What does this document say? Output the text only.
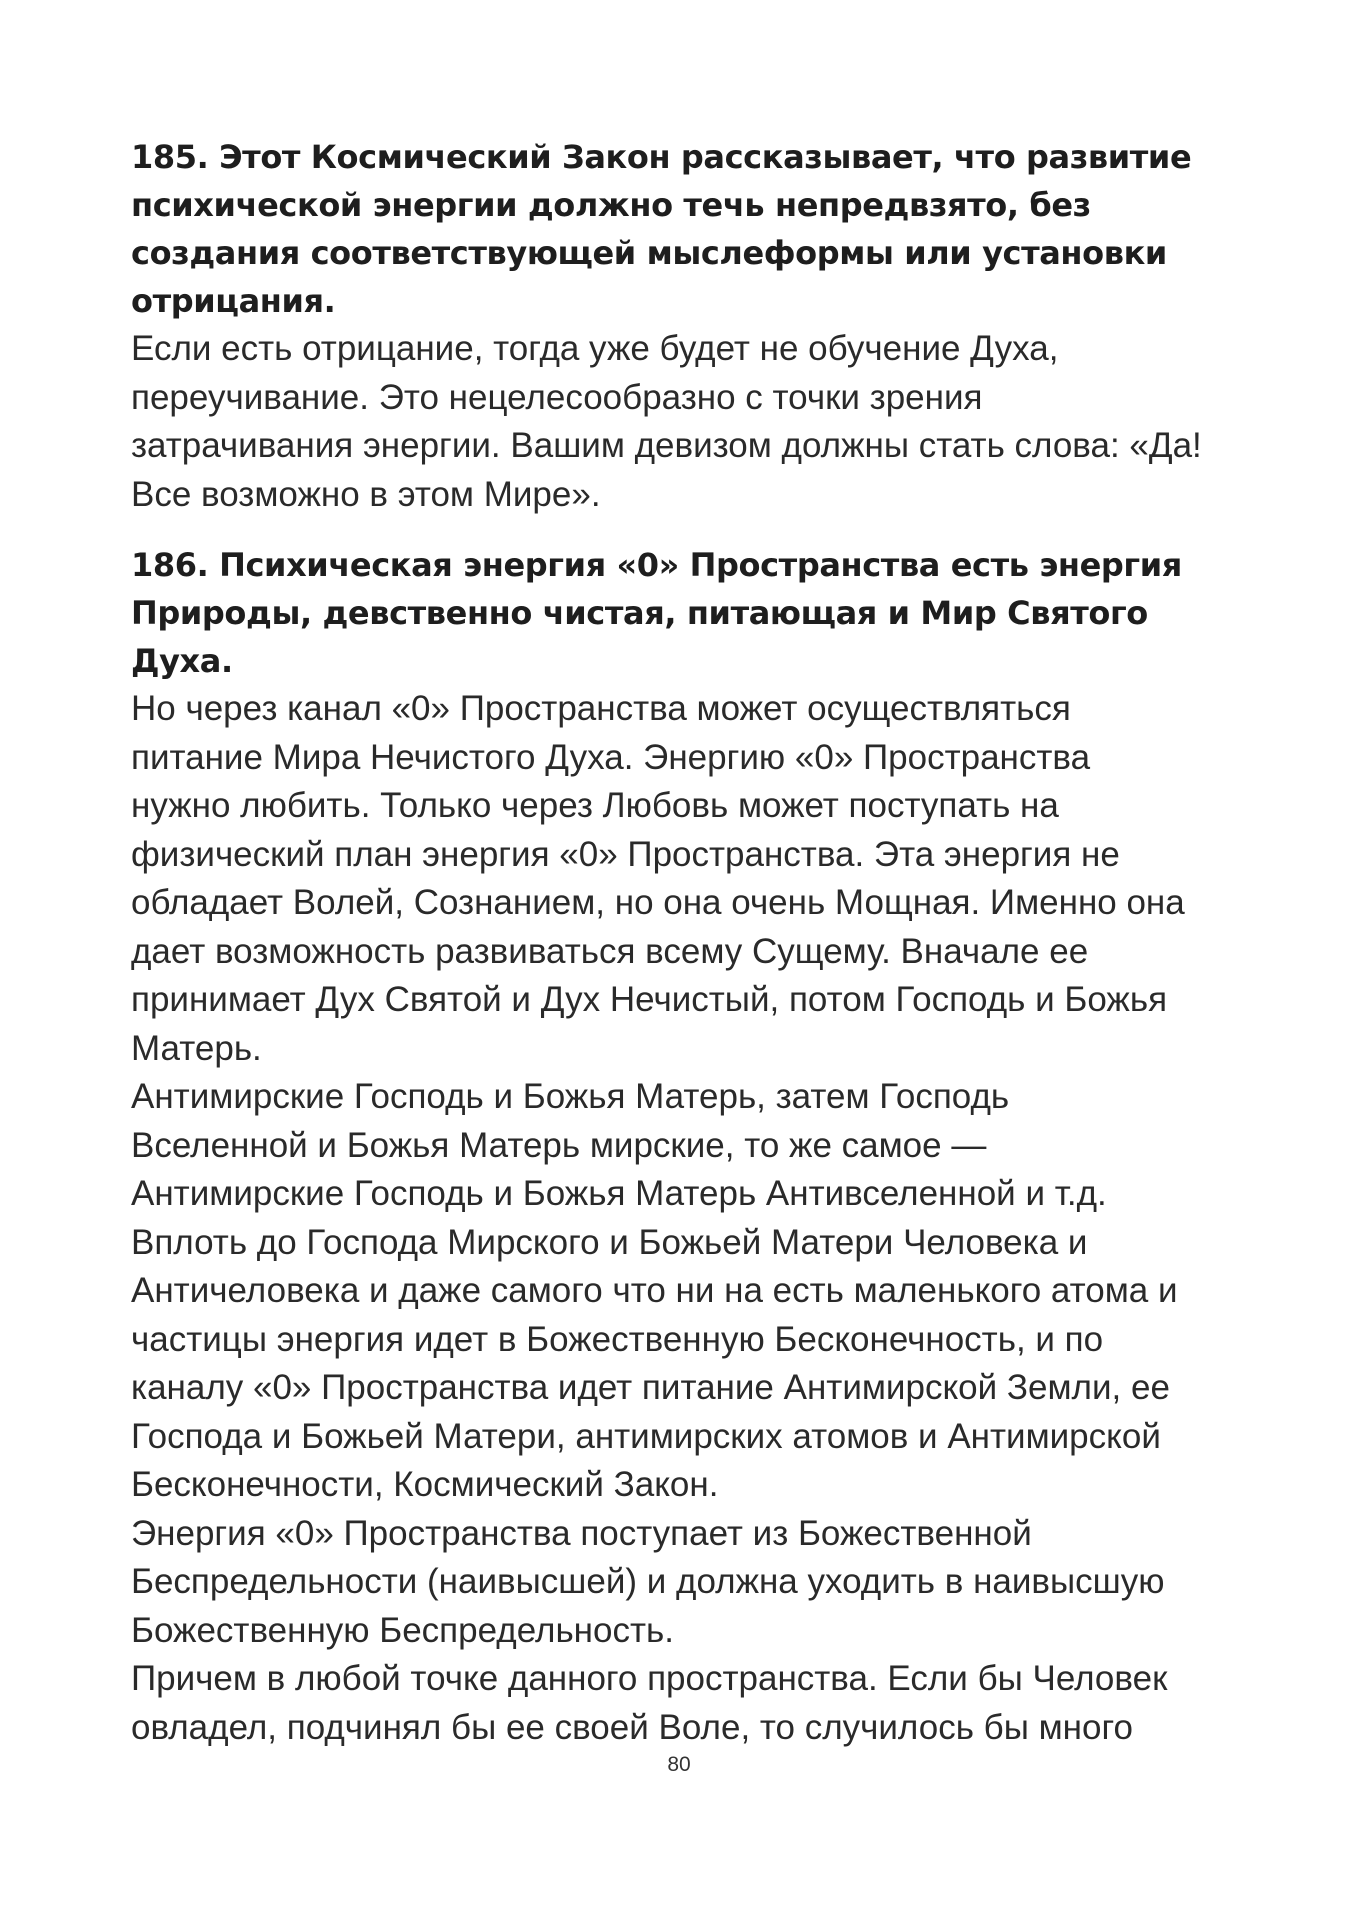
185. Этот Космический Закон рассказывает, что развитие
психической энергии должно течь непредвзято, без
создания соответствующей мыслеформы или установки
отрицания.

Если есть отрицание, тогда уже будет не обучение Духа,
переучивание. Это нецелесообразно с точки зрения
затрачивания энергии. Вашим девизом должны стать слова: «Да!
Все возможно в этом Мире».

186. Психическая энергия «0» Пространства есть энергия
Природы, девственно чистая, питающая и Мир Святого
Духа.

Но через канал «0» Пространства может осуществляться
питание Мира Нечистого Духа. Энергию «0» Пространства
нужно любить. Только через Любовь может поступать на
физический план энергия «0» Пространства. Эта энергия не
обладает Волей, Сознанием, но она очень Мощная. Именно она
дает возможность развиваться всему Сущему. Вначале ее
принимает Дух Святой и Дух Нечистый, потом Господь и Божья
Матерь.

Антимирские Господь и Божья Матерь, затем Господь
Вселенной и Божья Матерь мирские, то же самое —
Антимирские Господь и Божья Матерь Антивселенной и т.д.
Вплоть до Господа Мирского и Божьей Матери Человека и
Античеловека и даже самого что ни на есть маленького атома и
частицы энергия идет в Божественную Бесконечность, и по
каналу «0» Пространства идет питание Антимирской Земли, ее
Господа и Божьей Матери, антимирских атомов и Антимирской
Бесконечности, Космический Закон.

Энергия «0» Пространства поступает из Божественной
Беспредельности (наивысшей) и должна уходить в наивысшую
Божественную Беспредельность.

Причем в любой точке данного пространства. Если бы Человек
овладел, подчинял бы ее своей Воле, то случилось бы много

80
